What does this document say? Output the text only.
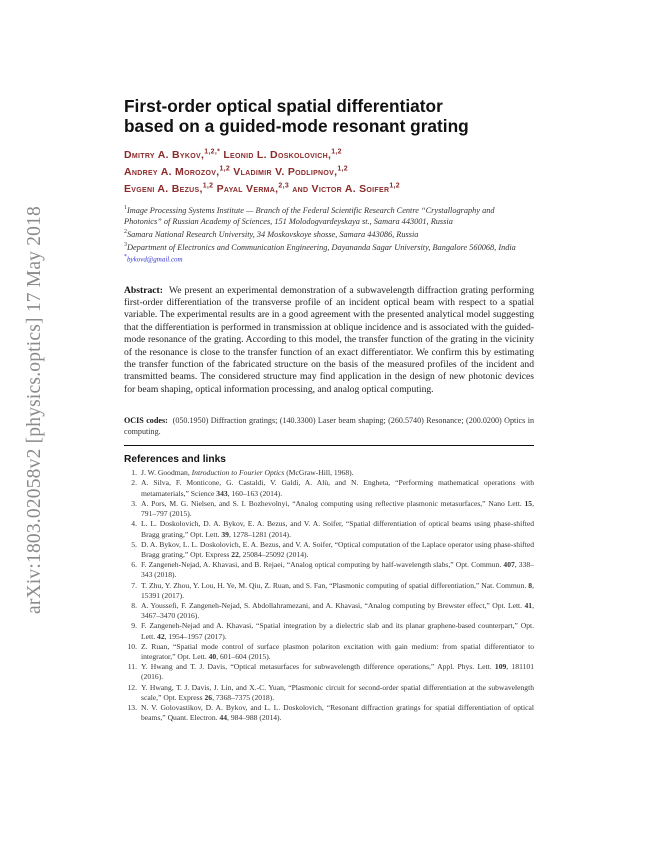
arXiv:1803.02058v2 [physics.optics] 17 May 2018
First-order optical spatial differentiator
based on a guided-mode resonant grating
Dmitry A. Bykov,$^{1,2,*}$ Leonid L. Doskolovich,$^{1,2}$
Andrey A. Morozov,$^{1,2}$ Vladimir V. Podlipnov,$^{1,2}$
Evgeni A. Bezus,$^{1,2}$ Payal Verma,$^{2,3}$ and Victor A. Soifer$^{1,2}$
$^1$Image Processing Systems Institute — Branch of the Federal Scientific Research Centre “Crystallography and Photonics” of Russian Academy of Sciences, 151 Molodogvardeyskaya st., Samara 443001, Russia
$^2$Samara National Research University, 34 Moskovskoye shosse, Samara 443086, Russia
$^3$Department of Electronics and Communication Engineering, Dayananda Sagar University, Bangalore 560068, India
*bykovd@gmail.com
Abstract: We present an experimental demonstration of a subwavelength diffraction grating performing first-order differentiation of the transverse profile of an incident optical beam with respect to a spatial variable. The experimental results are in a good agreement with the presented analytical model suggesting that the differentiation is performed in transmission at oblique incidence and is associated with the guided-mode resonance of the grating. According to this model, the transfer function of the grating in the vicinity of the resonance is close to the transfer function of an exact differentiator. We confirm this by estimating the transfer function of the fabricated structure on the basis of the measured profiles of the incident and transmitted beams. The considered structure may find application in the design of new photonic devices for beam shaping, optical information processing, and analog optical computing.
OCIS codes: (050.1950) Diffraction gratings; (140.3300) Laser beam shaping; (260.5740) Resonance; (200.0200) Optics in computing.
References and links
1. J. W. Goodman, Introduction to Fourier Optics (McGraw-Hill, 1968).
2. A. Silva, F. Monticone, G. Castaldi, V. Galdi, A. Alù, and N. Engheta, “Performing mathematical operations with metamaterials,” Science 343, 160–163 (2014).
3. A. Pors, M. G. Nielsen, and S. I. Bozhevolnyi, “Analog computing using reflective plasmonic metasurfaces,” Nano Lett. 15, 791–797 (2015).
4. L. L. Doskolovich, D. A. Bykov, E. A. Bezus, and V. A. Soifer, “Spatial differentiation of optical beams using phase-shifted Bragg grating,” Opt. Lett. 39, 1278–1281 (2014).
5. D. A. Bykov, L. L. Doskolovich, E. A. Bezus, and V. A. Soifer, “Optical computation of the Laplace operator using phase-shifted Bragg grating,” Opt. Express 22, 25084–25092 (2014).
6. F. Zangeneh-Nejad, A. Khavasi, and B. Rejaei, “Analog optical computing by half-wavelength slabs,” Opt. Commun. 407, 338–343 (2018).
7. T. Zhu, Y. Zhou, Y. Lou, H. Ye, M. Qiu, Z. Ruan, and S. Fan, “Plasmonic computing of spatial differentiation,” Nat. Commun. 8, 15391 (2017).
8. A. Youssefi, F. Zangeneh-Nejad, S. Abdollahramezani, and A. Khavasi, “Analog computing by Brewster effect,” Opt. Lett. 41, 3467–3470 (2016).
9. F. Zangeneh-Nejad and A. Khavasi, “Spatial integration by a dielectric slab and its planar graphene-based counterpart,” Opt. Lett. 42, 1954–1957 (2017).
10. Z. Ruan, “Spatial mode control of surface plasmon polariton excitation with gain medium: from spatial differentiator to integrator,” Opt. Lett. 40, 601–604 (2015).
11. Y. Hwang and T. J. Davis, “Optical metasurfaces for subwavelength difference operations,” Appl. Phys. Lett. 109, 181101 (2016).
12. Y. Hwang, T. J. Davis, J. Lin, and X.-C. Yuan, “Plasmonic circuit for second-order spatial differentiation at the subwavelength scale,” Opt. Express 26, 7368–7375 (2018).
13. N. V. Golovastikov, D. A. Bykov, and L. L. Doskolovich, “Resonant diffraction gratings for spatial differentiation of optical beams,” Quant. Electron. 44, 984–988 (2014).
